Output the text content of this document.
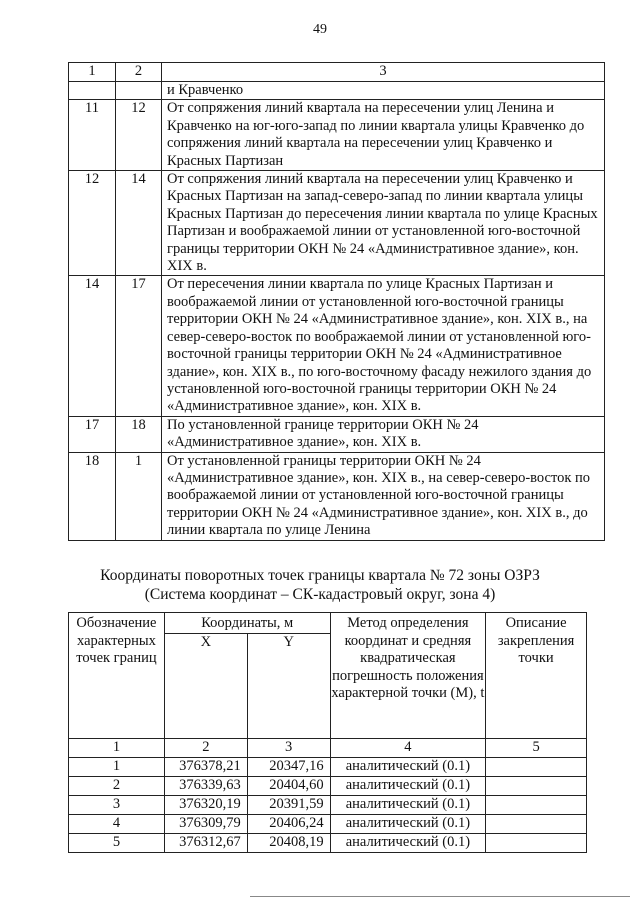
49
1	2	3
		и Кравченко
11	12	От сопряжения линий квартала на пересечении улиц Ленина и Кравченко на юг-юго-запад по линии квартала улицы Кравченко до сопряжения линий квартала на пересечении улиц Кравченко и Красных Партизан
12	14	От сопряжения линий квартала на пересечении улиц Кравченко и Красных Партизан на запад-северо-запад по линии квартала улицы Красных Партизан до пересечения линии квартала по улице Красных Партизан и воображаемой линии от установленной юго-восточной границы территории ОКН № 24 «Административное здание», кон. XIX в.
14	17	От пересечения линии квартала по улице Красных Партизан и воображаемой линии от установленной юго-восточной границы территории ОКН № 24 «Административное здание», кон. XIX в., на север-северо-восток по воображаемой линии от установленной юго-восточной границы территории ОКН № 24 «Административное здание», кон. XIX в., по юго-восточному фасаду нежилого здания до установленной юго-восточной границы территории ОКН № 24 «Административное здание», кон. XIX в.
17	18	По установленной границе территории ОКН № 24 «Административное здание», кон. XIX в.
18	1	От установленной границы территории ОКН № 24 «Административное здание», кон. XIX в., на север-северо-восток по воображаемой линии от установленной юго-восточной границы территории ОКН № 24 «Административное здание», кон. XIX в., до линии квартала по улице Ленина
Координаты поворотных точек границы квартала № 72 зоны ОЗРЗ
(Система координат – СК-кадастровый округ, зона 4)
Обозначение характерных точек границ	Координаты, м		Метод определения координат и средняя квадратическая погрешность положения характерной точки (М), t	Описание закрепления точки
	X	Y		
1	2	3	4	5
1	376378,21	20347,16	аналитический (0.1)	
2	376339,63	20404,60	аналитический (0.1)	
3	376320,19	20391,59	аналитический (0.1)	
4	376309,79	20406,24	аналитический (0.1)	
5	376312,67	20408,19	аналитический (0.1)	
